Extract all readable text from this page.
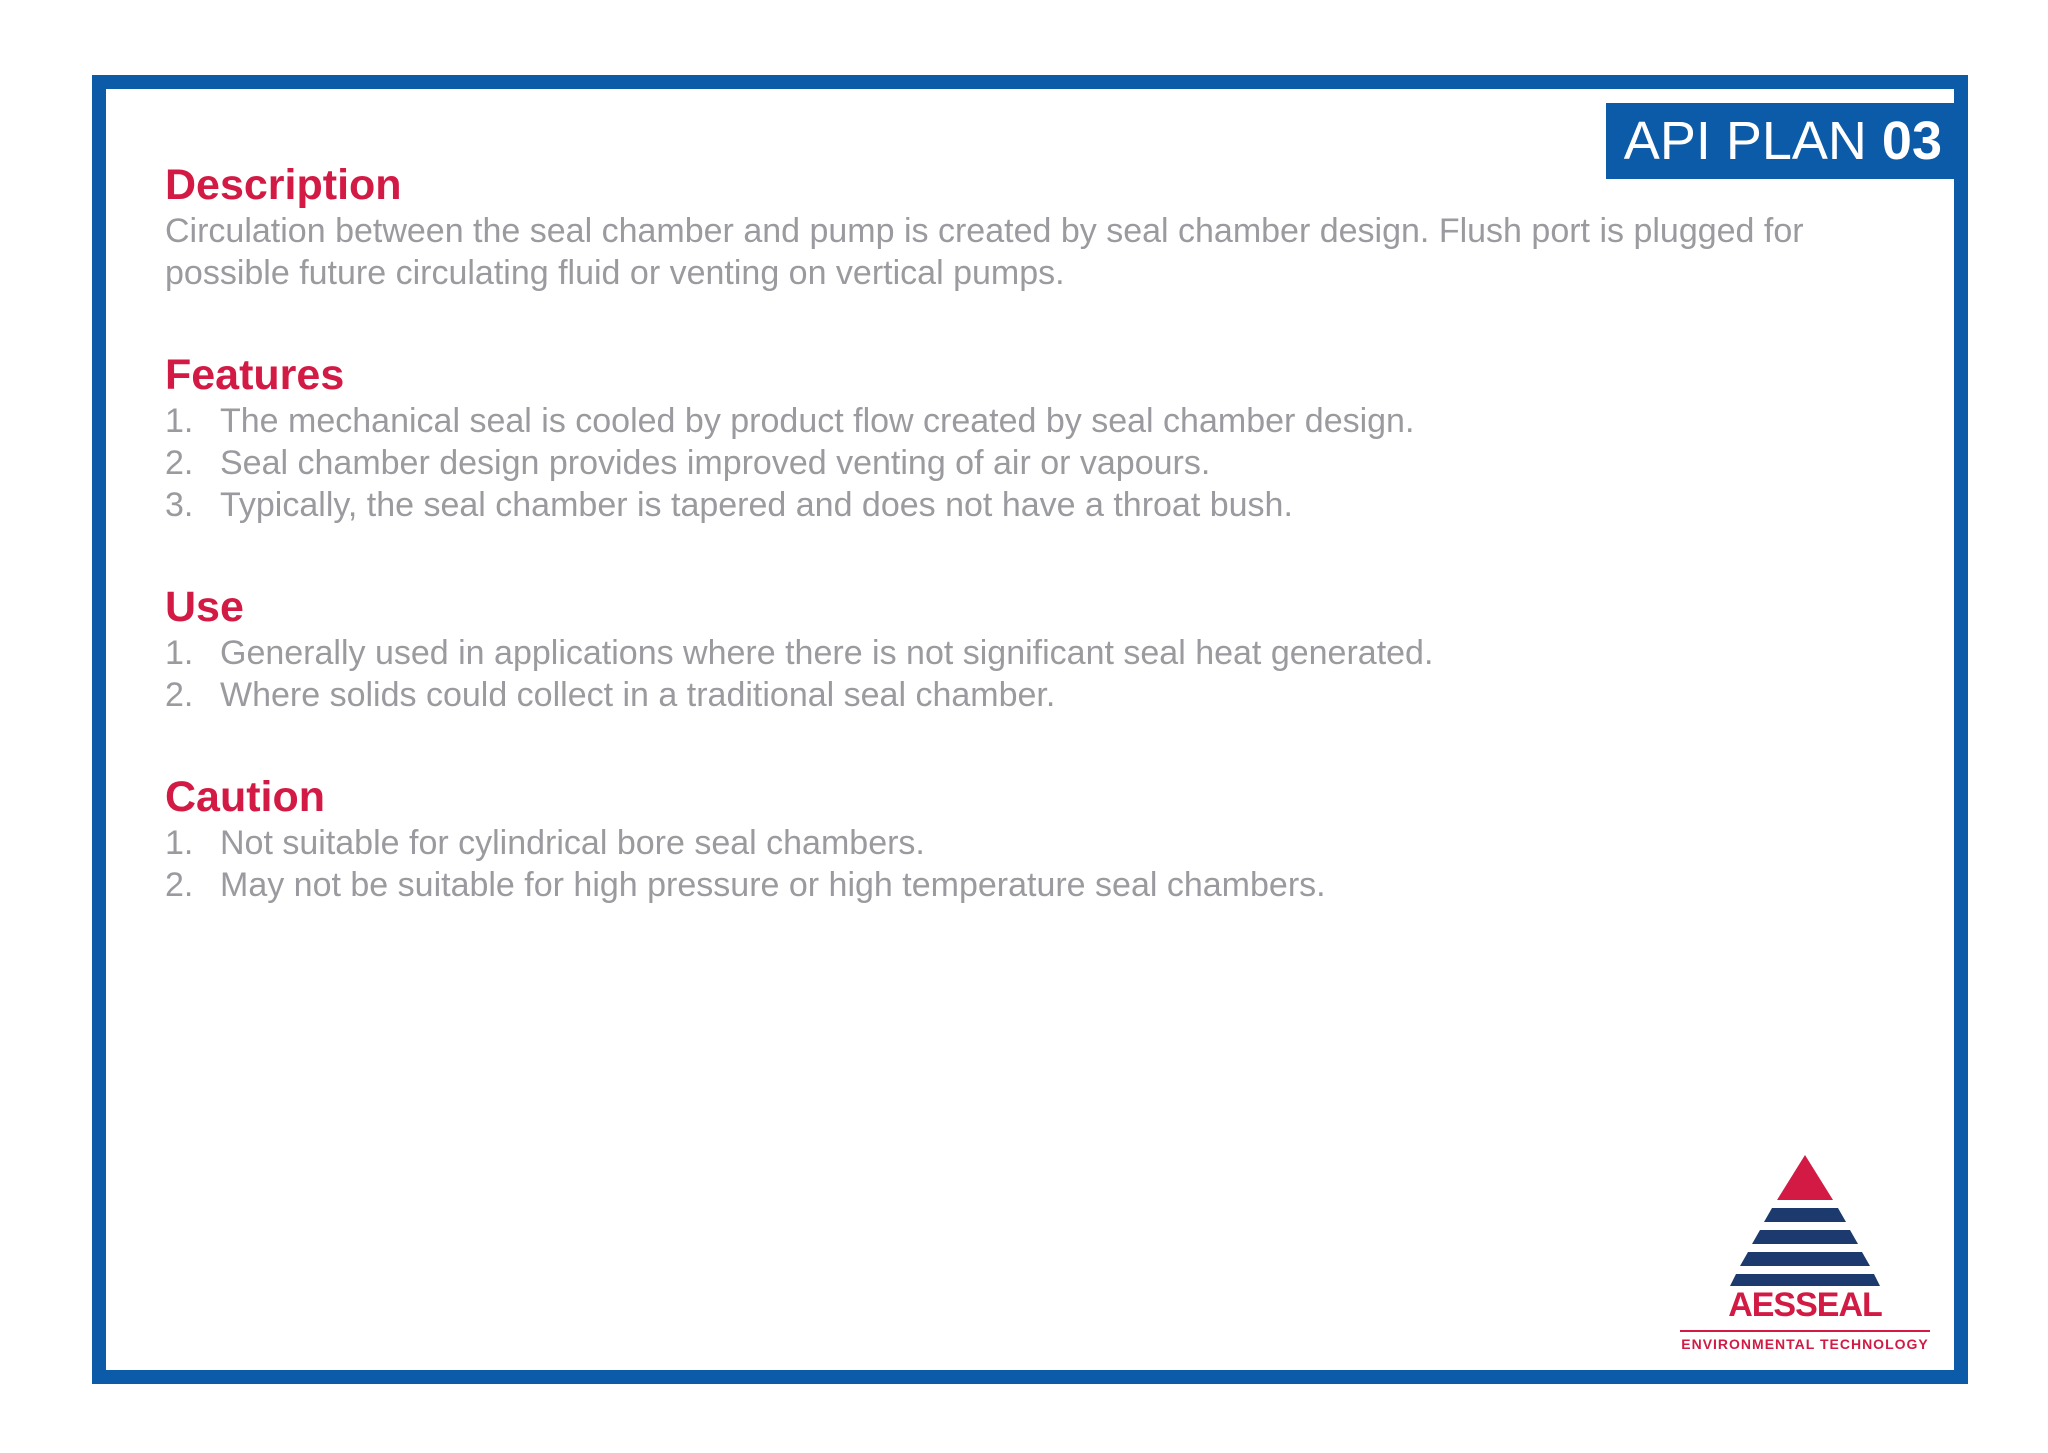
API PLAN 03
Description

Circulation between the seal chamber and pump is created by seal chamber design. Flush port is plugged for possible future circulating fluid or venting on vertical pumps.

Features
1. The mechanical seal is cooled by product flow created by seal chamber design.
2. Seal chamber design provides improved venting of air or vapours.
3. Typically, the seal chamber is tapered and does not have a throat bush.
Use
1. Generally used in applications where there is not significant seal heat generated.
2. Where solids could collect in a traditional seal chamber.
Caution
1. Not suitable for cylindrical bore seal chambers.
2. May not be suitable for high pressure or high temperature seal chambers.
AESSEAL
ENVIRONMENTAL TECHNOLOGY
